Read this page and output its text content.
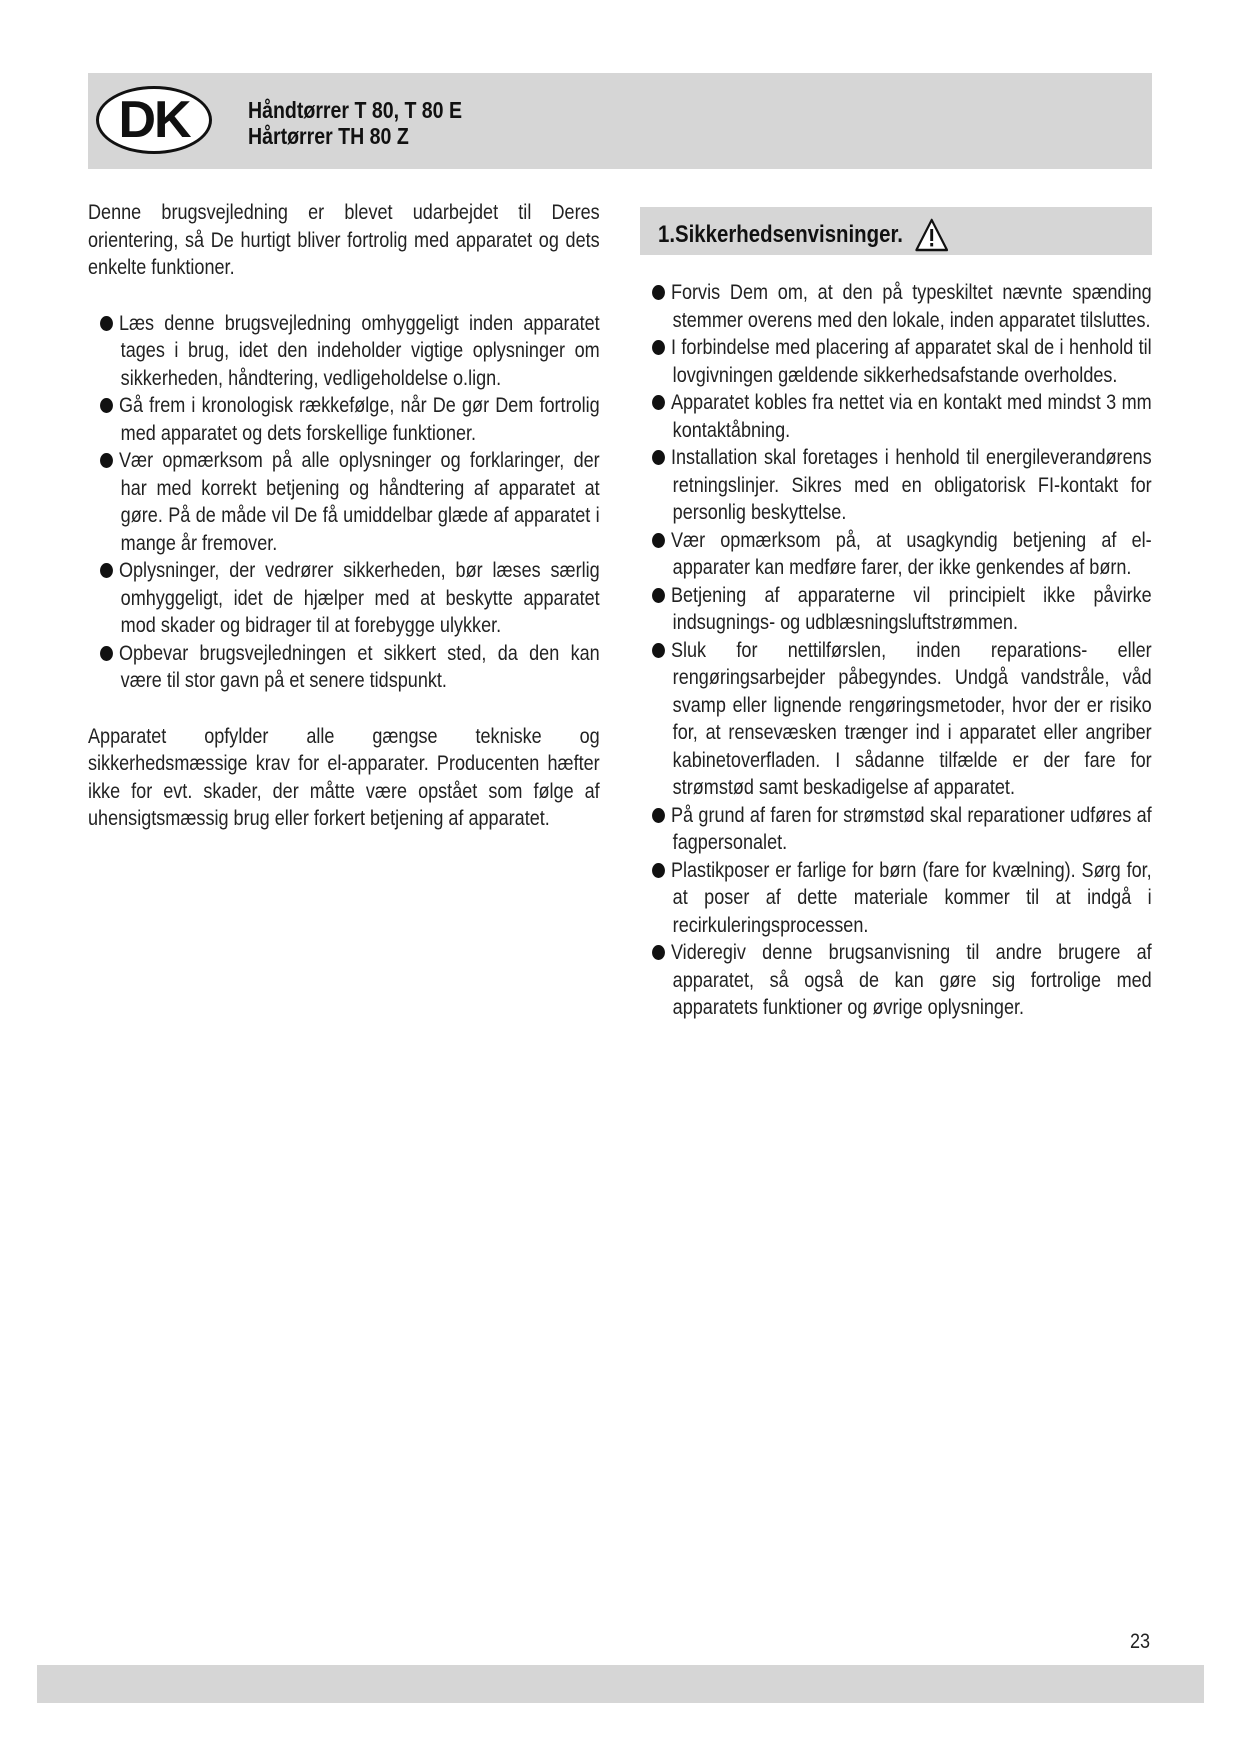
DK	Håndtørrer T 80, T 80 E
Hårtørrer TH 80 Z

Denne brugsvejledning er blevet udarbejdet til Deres orientering, så De hurtigt bliver fortrolig med apparatet og dets enkelte funktioner.

Læs denne brugsvejledning omhyggeligt inden apparatet tages i brug, idet den indeholder vigtige oplysninger om sikkerheden, håndtering, vedligeholdelse o.lign.
Gå frem i kronologisk rækkefølge, når De gør Dem fortrolig med apparatet og dets forskellige funktioner.
Vær opmærksom på alle oplysninger og forklaringer, der har med korrekt betjening og håndtering af apparatet at gøre. På de måde vil De få umiddelbar glæde af apparatet i mange år fremover.
Oplysninger, der vedrører sikkerheden, bør læses særlig omhyggeligt, idet de hjælper med at beskytte apparatet mod skader og bidrager til at forebygge ulykker.
Opbevar brugsvejledningen et sikkert sted, da den kan være til stor gavn på et senere tidspunkt.

Apparatet opfylder alle gængse tekniske og sikkerhedsmæssige krav for el-apparater. Producenten hæfter ikke for evt. skader, der måtte være opstået som følge af uhensigtsmæssig brug eller forkert betjening af apparatet.

1.Sikkerhedsenvisninger.
Forvis Dem om, at den på typeskiltet nævnte spænding stemmer overens med den lokale, inden apparatet tilsluttes.
I forbindelse med placering af apparatet skal de i henhold til lovgivningen gældende sikkerhedsafstande overholdes.
Apparatet kobles fra nettet via en kontakt med mindst 3 mm kontaktåbning.
Installation skal foretages i henhold til energileverandørens retningslinjer. Sikres med en obligatorisk FI-kontakt for personlig beskyttelse.
Vær opmærksom på, at usagkyndig betjening af el-apparater kan medføre farer, der ikke genkendes af børn.
Betjening af apparaterne vil principielt ikke påvirke indsugnings- og udblæsningsluftstrømmen.
Sluk for nettilførslen, inden reparations- eller rengøringsarbejder påbegyndes. Undgå vandstråle, våd svamp eller lignende rengøringsmetoder, hvor der er risiko for, at rensevæsken trænger ind i apparatet eller angriber kabinetoverfladen. I sådanne tilfælde er der fare for strømstød samt beskadigelse af apparatet.
På grund af faren for strømstød skal reparationer udføres af fagpersonalet.
Plastikposer er farlige for børn (fare for kvælning). Sørg for, at poser af dette materiale kommer til at indgå i recirkuleringsprocessen.
Videregiv denne brugsanvisning til andre brugere af apparatet, så også de kan gøre sig fortrolige med apparatets funktioner og øvrige oplysninger.
23
